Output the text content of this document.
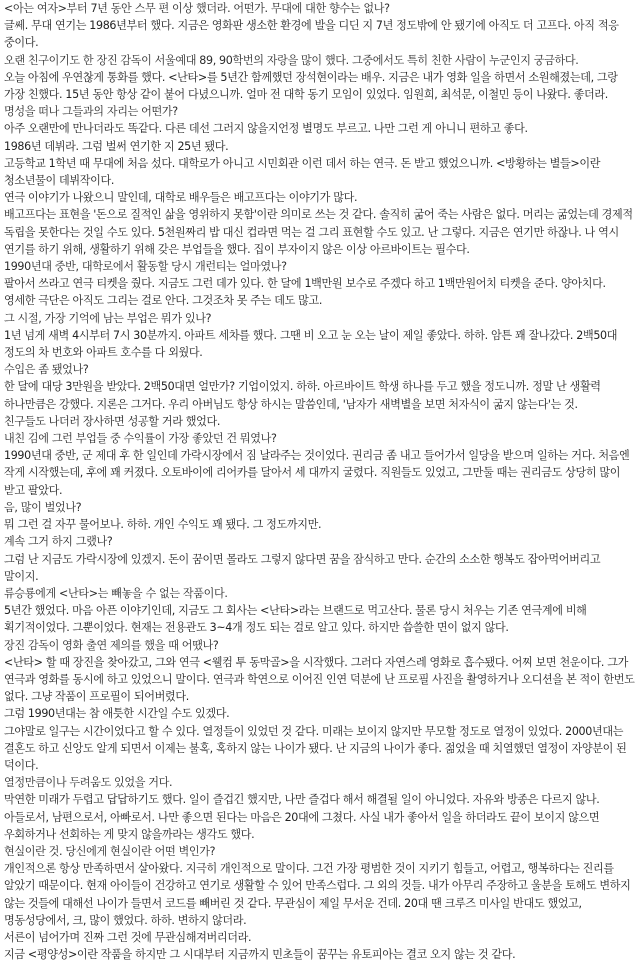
<아는 여자>부터 7년 동안 스무 편 이상 했더라. 어떤가. 무대에 대한 향수는 없나?

글쎄. 무대 연기는 1986년부터 했다. 지금은 영화판 생소한 환경에 발을 디딘 지 7년 정도밖에 안 됐기에 아직도 더 고프다. 아직 적응 중이다.

오랜 친구이기도 한 장진 감독이 서울예대 89, 90학번의 자랑을 많이 했다. 그중에서도 특히 친한 사람이 누군인지 궁금하다.

오늘 아침에 우연찮게 통화를 했다. <난타>를 5년간 함께했던 장석현이라는 배우. 지금은 내가 영화 일을 하면서 소원해졌는데, 그랑 가장 친했다. 15년 동안 항상 같이 붙어 다녔으니까. 얼마 전 대학 동기 모임이 있었다. 임원희, 최석문, 이철민 등이 나왔다. 좋더라.

명성을 떠나 그들과의 자리는 어떤가?

아주 오랜만에 만나더라도 똑같다. 다른 데선 그러지 않을지언정 별명도 부르고. 나만 그런 게 아니니 편하고 좋다.

1986년 데뷔라. 그럼 벌써 연기한 지 25년 됐다.

고등학교 1학년 때 무대에 처음 섰다. 대학로가 아니고 시민회관 이런 데서 하는 연극. 돈 받고 했었으니까. <방황하는 별들>이란 청소년물이 데뷔작이다.

연극 이야기가 나왔으니 말인데, 대학로 배우들은 배고프다는 이야기가 많다.

배고프다는 표현을 '돈으로 질적인 삶을 영위하지 못함'이란 의미로 쓰는 것 같다. 솔직히 굶어 죽는 사람은 없다. 머리는 굶었는데 경제적 독립을 못한다는 것일 수도 있다. 5천원짜리 밥 대신 컵라면 먹는 걸 그리 표현할 수도 있고. 난 그렇다. 지금은 연기만 하잖나. 나 역시 연기를 하기 위해, 생활하기 위해 갖은 부업들을 했다. 집이 부자이지 않은 이상 아르바이트는 필수다.

1990년대 중반, 대학로에서 활동할 당시 개런티는 얼마였나?

팔아서 쓰라고 연극 티켓을 줬다. 지금도 그런 데가 있다. 한 달에 1백만원 보수로 주겠다 하고 1백만원어치 티켓을 준다. 양아치다. 영세한 극단은 아직도 그리는 걸로 안다. 그것조차 못 주는 데도 많고.

그 시절, 가장 기억에 남는 부업은 뭐가 있나?

1년 넘게 새벽 4시부터 7시 30분까지. 아파트 세차를 했다. 그땐 비 오고 눈 오는 날이 제일 좋았다. 하하. 암튼 꽤 잘나갔다. 2백50대 정도의 차 번호와 아파트 호수를 다 외웠다.

수입은 좀 됐었나?

한 달에 대당 3만원을 받았다. 2백50대면 얼만가? 기업이었지. 하하. 아르바이트 학생 하나를 두고 했을 정도니까. 정말 난 생활력 하나만큼은 강했다. 지론은 그거다. 우리 아버님도 항상 하시는 말씀인데, '남자가 새벽별을 보면 처자식이 굶지 않는다'는 것.

친구들도 나더러 장사하면 성공할 거라 했었다.

내친 김에 그런 부업들 중 수익률이 가장 좋았던 건 뭐였나?

1990년대 중반, 군 제대 후 한 일인데 가락시장에서 짐 날라주는 것이었다. 권리금 좀 내고 들어가서 일당을 받으며 일하는 거다. 처음엔 작게 시작했는데, 후에 꽤 커졌다. 오토바이에 리어카를 달아서 세 대까지 굴렸다. 직원들도 있었고, 그만둘 때는 권리금도 상당히 많이 받고 팔았다.

음, 많이 벌었나?

뭐 그런 걸 자꾸 물어보나. 하하. 개인 수익도 꽤 됐다. 그 정도까지만.

계속 그거 하지 그랬나?

그럼 난 지금도 가락시장에 있겠지. 돈이 꿈이면 몰라도 그렇지 않다면 꿈을 잠식하고 만다. 순간의 소소한 행복도 잡아먹어버리고 말이지.

류승룡에게 <난타>는 빼놓을 수 없는 작품이다.

5년간 했었다. 마음 아픈 이야기인데, 지금도 그 회사는 <난타>라는 브랜드로 먹고산다. 물론 당시 처우는 기존 연극계에 비해 획기적이었다. 그뿐이었다. 현재는 전용관도 3~4개 정도 되는 걸로 알고 있다. 하지만 씁쓸한 면이 없지 않다.

장진 감독이 영화 출연 제의를 했을 때 어땠나?

<난타> 할 때 장진을 찾아갔고, 그와 연극 <웰컴 투 동막골>을 시작했다. 그러다 자연스레 영화로 흡수됐다. 어찌 보면 천운이다. 그가 연극과 영화를 동시에 하고 있었으니 말이다. 연극과 학연으로 이어진 인연 덕분에 난 프로필 사진을 촬영하거나 오디션을 본 적이 한번도 없다. 그냥 작품이 프로필이 되어버렸다.

그럼 1990년대는 참 애틋한 시간일 수도 있겠다.

그야말로 일구는 시간이었다고 할 수 있다. 열정들이 있었던 것 같다. 미래는 보이지 않지만 무모할 정도로 열정이 있었다. 2000년대는 결혼도 하고 신앙도 알게 되면서 이제는 불혹, 혹하지 않는 나이가 됐다. 난 지금의 나이가 좋다. 젊었을 때 치열했던 열정이 자양분이 된 덕이다.

열정만큼이나 두려움도 있었을 거다.

막연한 미래가 두렵고 답답하기도 했다. 일이 즐겁긴 했지만, 나만 즐겁다 해서 해결될 일이 아니었다. 자유와 방종은 다르지 않나. 아들로서, 남편으로서, 아빠로서. 나만 좋으면 된다는 마음은 20대에 그쳤다. 사실 내가 좋아서 일을 하더라도 끝이 보이지 않으면 우회하거나 선회하는 게 맞지 않을까라는 생각도 했다.

현실이란 것. 당신에게 현실이란 어떤 벽인가?

개인적으론 항상 만족하면서 살아왔다. 지극히 개인적으로 말이다. 그건 가장 평범한 것이 지키기 힘들고, 어렵고, 행복하다는 진리를 알았기 때문이다. 현재 아이들이 건강하고 연기로 생활할 수 있어 만족스럽다. 그 외의 것들. 내가 아무리 주장하고 울분을 토해도 변하지 않는 것들에 대해선 나이가 들면서 코드를 빼버린 것 같다. 무관심이 제일 무서운 건데. 20대 땐 크루즈 미사일 반대도 했었고, 명동성당에서, 크, 많이 했었다. 하하. 변하지 않더라.

서른이 넘어가며 진짜 그런 것에 무관심해져버리더라.

지금 <평양성>이란 작품을 하지만 그 시대부터 지금까지 민초들이 꿈꾸는 유토피아는 결코 오지 않는 것 같다.
